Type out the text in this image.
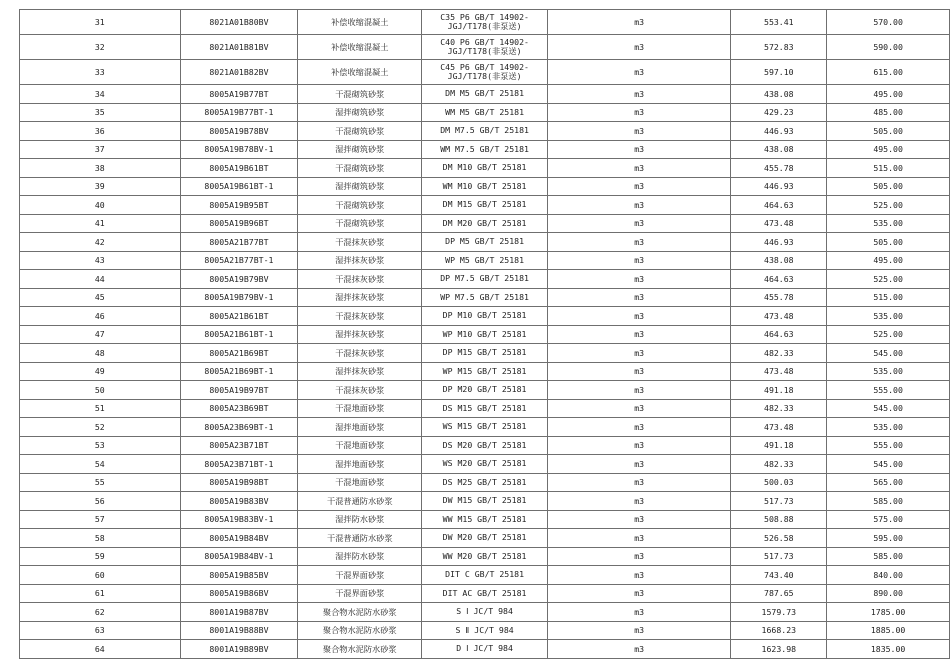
31	8021A01B80BV	补偿收缩混凝土	C35 P6 GB/T 14902-JGJ/T178(非泵送)	m3	553.41	570.00
32	8021A01B81BV	补偿收缩混凝土	C40 P6 GB/T 14902-JGJ/T178(非泵送)	m3	572.83	590.00
33	8021A01B82BV	补偿收缩混凝土	C45 P6 GB/T 14902-JGJ/T178(非泵送)	m3	597.10	615.00
34	8005A19B77BT	干混砌筑砂浆	DM M5 GB/T 25181	m3	438.08	495.00
35	8005A19B77BT-1	湿拌砌筑砂浆	WM M5 GB/T 25181	m3	429.23	485.00
36	8005A19B78BV	干混砌筑砂浆	DM M7.5 GB/T 25181	m3	446.93	505.00
37	8005A19B78BV-1	湿拌砌筑砂浆	WM M7.5 GB/T 25181	m3	438.08	495.00
38	8005A19B61BT	干混砌筑砂浆	DM M10 GB/T 25181	m3	455.78	515.00
39	8005A19B61BT-1	湿拌砌筑砂浆	WM M10 GB/T 25181	m3	446.93	505.00
40	8005A19B95BT	干混砌筑砂浆	DM M15 GB/T 25181	m3	464.63	525.00
41	8005A19B96BT	干混砌筑砂浆	DM M20 GB/T 25181	m3	473.48	535.00
42	8005A21B77BT	干混抹灰砂浆	DP M5 GB/T 25181	m3	446.93	505.00
43	8005A21B77BT-1	湿拌抹灰砂浆	WP M5 GB/T 25181	m3	438.08	495.00
44	8005A19B79BV	干混抹灰砂浆	DP M7.5 GB/T 25181	m3	464.63	525.00
45	8005A19B79BV-1	湿拌抹灰砂浆	WP M7.5 GB/T 25181	m3	455.78	515.00
46	8005A21B61BT	干混抹灰砂浆	DP M10 GB/T 25181	m3	473.48	535.00
47	8005A21B61BT-1	湿拌抹灰砂浆	WP M10 GB/T 25181	m3	464.63	525.00
48	8005A21B69BT	干混抹灰砂浆	DP M15 GB/T 25181	m3	482.33	545.00
49	8005A21B69BT-1	湿拌抹灰砂浆	WP M15 GB/T 25181	m3	473.48	535.00
50	8005A19B97BT	干混抹灰砂浆	DP M20 GB/T 25181	m3	491.18	555.00
51	8005A23B69BT	干混地面砂浆	DS M15 GB/T 25181	m3	482.33	545.00
52	8005A23B69BT-1	湿拌地面砂浆	WS M15 GB/T 25181	m3	473.48	535.00
53	8005A23B71BT	干混地面砂浆	DS M20 GB/T 25181	m3	491.18	555.00
54	8005A23B71BT-1	湿拌地面砂浆	WS M20 GB/T 25181	m3	482.33	545.00
55	8005A19B98BT	干混地面砂浆	DS M25 GB/T 25181	m3	500.03	565.00
56	8005A19B83BV	干混普通防水砂浆	DW M15 GB/T 25181	m3	517.73	585.00
57	8005A19B83BV-1	湿拌防水砂浆	WW M15 GB/T 25181	m3	508.88	575.00
58	8005A19B84BV	干混普通防水砂浆	DW M20 GB/T 25181	m3	526.58	595.00
59	8005A19B84BV-1	湿拌防水砂浆	WW M20 GB/T 25181	m3	517.73	585.00
60	8005A19B85BV	干混界面砂浆	DIT C GB/T 25181	m3	743.40	840.00
61	8005A19B86BV	干混界面砂浆	DIT AC GB/T 25181	m3	787.65	890.00
62	8001A19B87BV	聚合物水泥防水砂浆	S Ⅰ JC/T 984	m3	1579.73	1785.00
63	8001A19B88BV	聚合物水泥防水砂浆	S Ⅱ JC/T 984	m3	1668.23	1885.00
64	8001A19B89BV	聚合物水泥防水砂浆	D Ⅰ JC/T 984	m3	1623.98	1835.00
